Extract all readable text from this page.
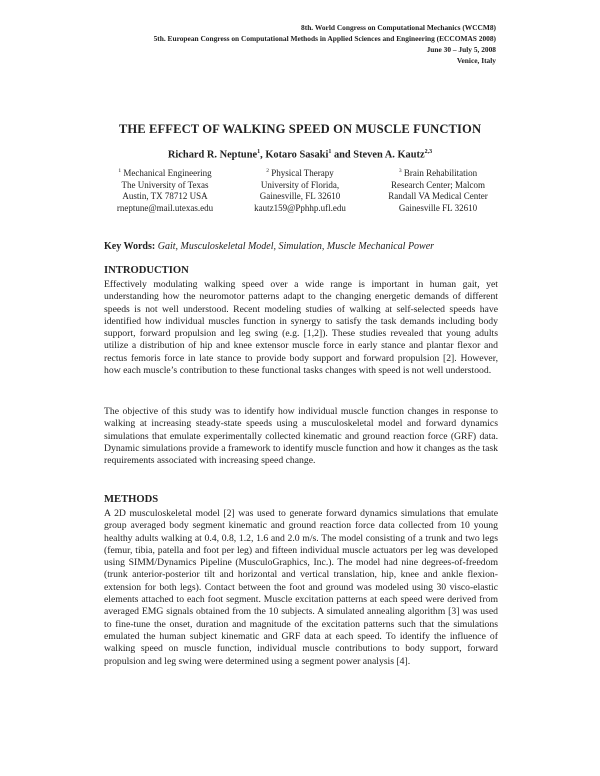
8th. World Congress on Computational Mechanics (WCCM8)
5th. European Congress on Computational Methods in Applied Sciences and Engineering (ECCOMAS 2008)
June 30 – July 5, 2008
Venice, Italy
THE EFFECT OF WALKING SPEED ON MUSCLE FUNCTION
Richard R. Neptune$^1$, Kotaro Sasaki$^1$ and Steven A. Kautz$^{2,3}$
$^1$ Mechanical Engineering
The University of Texas
Austin, TX 78712 USA
rneptune@mail.utexas.edu
$^2$ Physical Therapy
University of Florida,
Gainesville, FL 32610
kautz159@Pphhp.ufl.edu
$^3$ Brain Rehabilitation
Research Center; Malcom
Randall VA Medical Center
Gainesville FL 32610
Key Words: Gait, Musculoskeletal Model, Simulation, Muscle Mechanical Power
INTRODUCTION
Effectively modulating walking speed over a wide range is important in human gait, yet understanding how the neuromotor patterns adapt to the changing energetic demands of different speeds is not well understood. Recent modeling studies of walking at self-selected speeds have identified how individual muscles function in synergy to satisfy the task demands including body support, forward propulsion and leg swing (e.g. [1,2]). These studies revealed that young adults utilize a distribution of hip and knee extensor muscle force in early stance and plantar flexor and rectus femoris force in late stance to provide body support and forward propulsion [2]. However, how each muscle’s contribution to these functional tasks changes with speed is not well understood.
The objective of this study was to identify how individual muscle function changes in response to walking at increasing steady-state speeds using a musculoskeletal model and forward dynamics simulations that emulate experimentally collected kinematic and ground reaction force (GRF) data. Dynamic simulations provide a framework to identify muscle function and how it changes as the task requirements associated with increasing speed change.
METHODS
A 2D musculoskeletal model [2] was used to generate forward dynamics simulations that emulate group averaged body segment kinematic and ground reaction force data collected from 10 young healthy adults walking at 0.4, 0.8, 1.2, 1.6 and 2.0 m/s. The model consisting of a trunk and two legs (femur, tibia, patella and foot per leg) and fifteen individual muscle actuators per leg was developed using SIMM/Dynamics Pipeline (MusculoGraphics, Inc.). The model had nine degrees-of-freedom (trunk anterior-posterior tilt and horizontal and vertical translation, hip, knee and ankle flexion-extension for both legs). Contact between the foot and ground was modeled using 30 visco-elastic elements attached to each foot segment. Muscle excitation patterns at each speed were derived from averaged EMG signals obtained from the 10 subjects. A simulated annealing algorithm [3] was used to fine-tune the onset, duration and magnitude of the excitation patterns such that the simulations emulated the human subject kinematic and GRF data at each speed. To identify the influence of walking speed on muscle function, individual muscle contributions to body support, forward propulsion and leg swing were determined using a segment power analysis [4].
